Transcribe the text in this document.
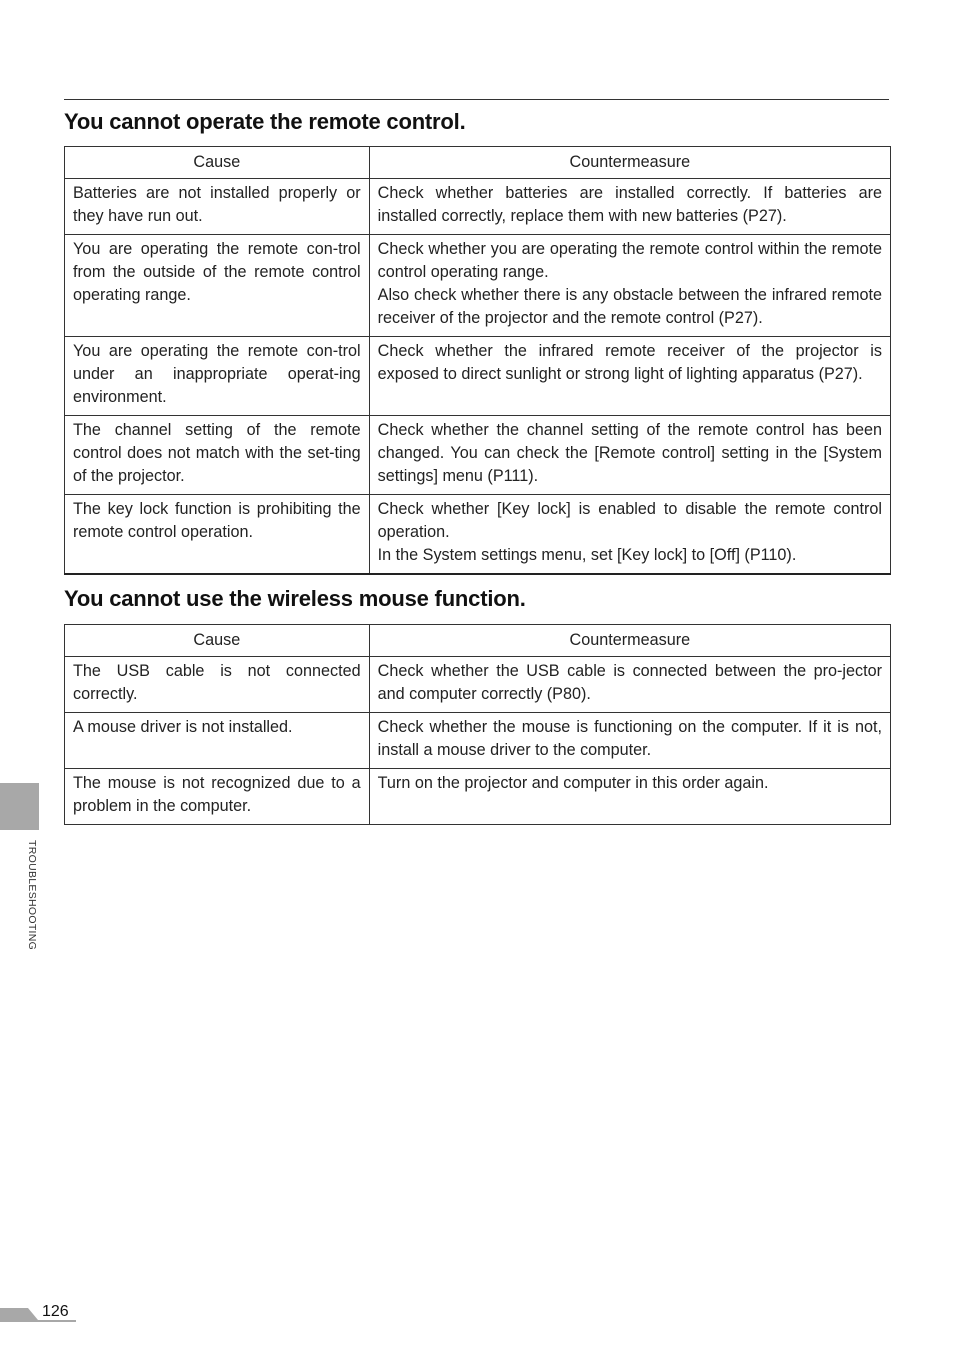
You cannot operate the remote control.
Cause	Countermeasure
Batteries are not installed properly or they have run out.	Check whether batteries are installed correctly. If batteries are installed correctly, replace them with new batteries (P27).

You are operating the remote con-trol from the outside of the remote control operating range.	Check whether you are operating the remote control within the remote control operating range.
Also check whether there is any obstacle between the infrared remote receiver of the projector and the remote control (P27).

You are operating the remote con-trol under an inappropriate operat-ing environment.	Check whether the infrared remote receiver of the projector is exposed to direct sunlight or strong light of lighting apparatus (P27).

The channel setting of the remote control does not match with the set-ting of the projector.	Check whether the channel setting of the remote control has been changed. You can check the [Remote control] setting in the [System settings] menu (P111).

The key lock function is prohibiting the remote control operation.	Check whether [Key lock] is enabled to disable the remote control operation.
In the System settings menu, set [Key lock] to [Off] (P110).
You cannot use the wireless mouse function.
Cause	Countermeasure
The USB cable is not connected correctly.	Check whether the USB cable is connected between the pro-jector and computer correctly (P80).

A mouse driver is not installed.	Check whether the mouse is functioning on the computer. If it is not, install a mouse driver to the computer.

The mouse is not recognized due to a problem in the computer.	Turn on the projector and computer in this order again.
TROUBLESHOOTING
126
